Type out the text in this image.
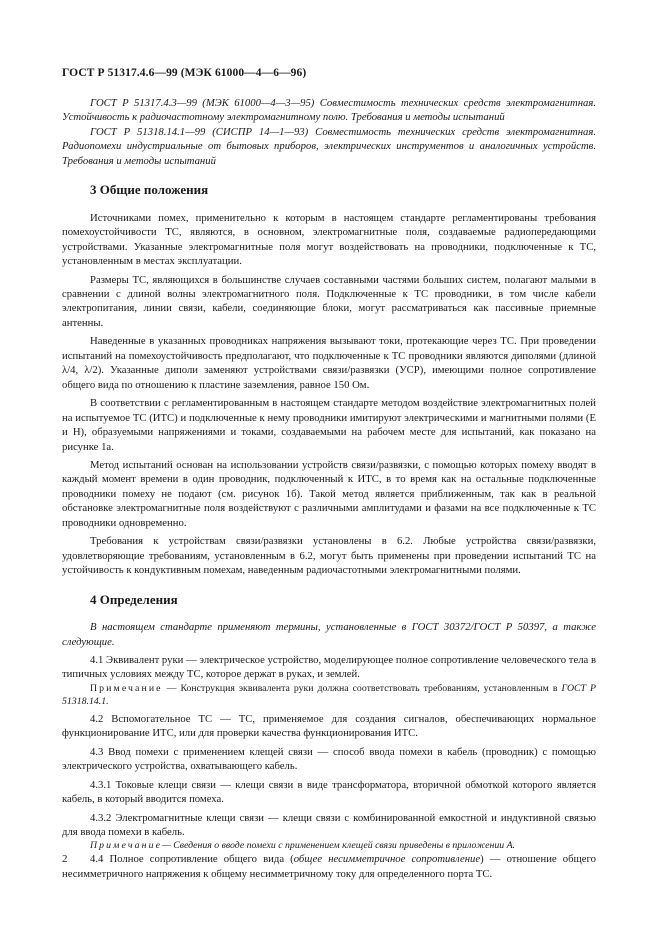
ГОСТ Р 51317.4.6—99 (МЭК 61000—4—6—96)

ГОСТ Р 51317.4.3—99 (МЭК 61000—4—3—95) Совместимость технических средств электромагнитная. Устойчивость к радиочастотному электромагнитному полю. Требования и методы испытаний

ГОСТ Р 51318.14.1—99 (СИСПР 14—1—93) Совместимость технических средств электромагнитная. Радиопомехи индустриальные от бытовых приборов, электрических инструментов и аналогичных устройств. Требования и методы испытаний

3 Общие положения

Источниками помех, применительно к которым в настоящем стандарте регламентированы требования помехоустойчивости ТС, являются, в основном, электромагнитные поля, создаваемые радиопередающими устройствами. Указанные электромагнитные поля могут воздействовать на проводники, подключенные к ТС, установленным в местах эксплуатации.

Размеры ТС, являющихся в большинстве случаев составными частями больших систем, полагают малыми в сравнении с длиной волны электромагнитного поля. Подключенные к ТС проводники, в том числе кабели электропитания, линии связи, кабели, соединяющие блоки, могут рассматриваться как пассивные приемные антенны.

Наведенные в указанных проводниках напряжения вызывают токи, протекающие через ТС. При проведении испытаний на помехоустойчивость предполагают, что подключенные к ТС проводники являются диполями (длиной λ/4, λ/2). Указанные диполи заменяют устройствами связи/развязки (УСР), имеющими полное сопротивление общего вида по отношению к пластине заземления, равное 150 Ом.

В соответствии с регламентированным в настоящем стандарте методом воздействие электромагнитных полей на испытуемое ТС (ИТС) и подключенные к нему проводники имитируют электрическими и магнитными полями (Е и Н), образуемыми напряжениями и токами, создаваемыми на рабочем месте для испытаний, как показано на рисунке 1а.

Метод испытаний основан на использовании устройств связи/развязки, с помощью которых помеху вводят в каждый момент времени в один проводник, подключенный к ИТС, в то время как на остальные подключенные проводники помеху не подают (см. рисунок 1б). Такой метод является приближенным, так как в реальной обстановке электромагнитные поля воздействуют с различными амплитудами и фазами на все подключенные к ТС проводники одновременно.

Требования к устройствам связи/развязки установлены в 6.2. Любые устройства связи/развязки, удовлетворяющие требованиям, установленным в 6.2, могут быть применены при проведении испытаний ТС на устойчивость к кондуктивным помехам, наведенным радиочастотными электромагнитными полями.

4 Определения

В настоящем стандарте применяют термины, установленные в ГОСТ 30372/ГОСТ Р 50397, а также следующие.

4.1 Эквивалент руки — электрическое устройство, моделирующее полное сопротивление человеческого тела в типичных условиях между ТС, которое держат в руках, и землей.

Примечание — Конструкция эквивалента руки должна соответствовать требованиям, установленным в ГОСТ Р 51318.14.1.

4.2 Вспомогательное ТС — ТС, применяемое для создания сигналов, обеспечивающих нормальное функционирование ИТС, или для проверки качества функционирования ИТС.

4.3 Ввод помехи с применением клещей связи — способ ввода помехи в кабель (проводник) с помощью электрического устройства, охватывающего кабель.

4.3.1 Токовые клещи связи — клещи связи в виде трансформатора, вторичной обмоткой которого является кабель, в который вводится помеха.

4.3.2 Электромагнитные клещи связи — клещи связи с комбинированной емкостной и индуктивной связью для ввода помехи в кабель.

Примечание— Сведения о вводе помехи с применением клещей связи приведены в приложении А.

4.4 Полное сопротивление общего вида (общее несимметричное сопротивление) — отношение общего несимметричного напряжения к общему несимметричному току для определенного порта ТС.

2
